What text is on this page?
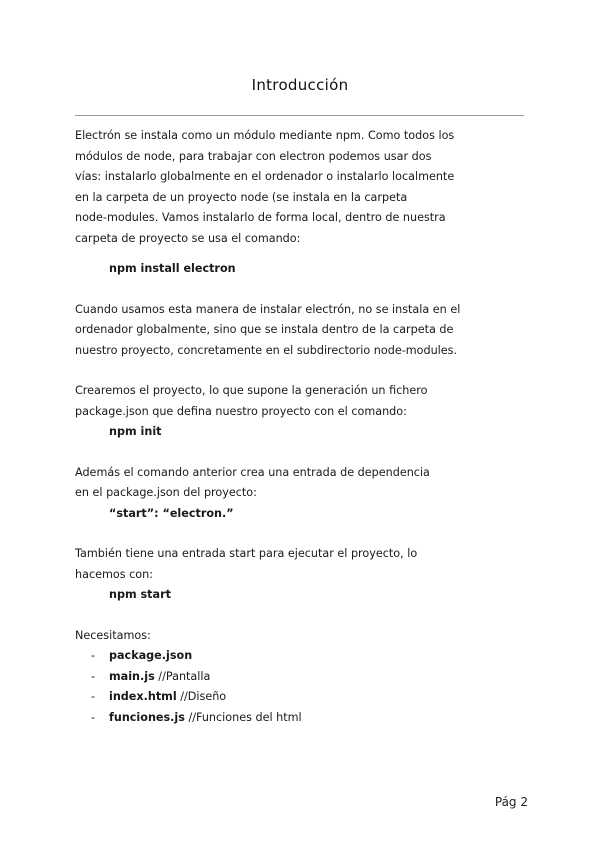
Introducción

Electrón se instala como un módulo mediante npm. Como todos los

módulos de node, para trabajar con electron podemos usar dos

vías: instalarlo globalmente en el ordenador o instalarlo localmente

en la carpeta de un proyecto node (se instala en la carpeta

node-modules. Vamos instalarlo de forma local, dentro de nuestra

carpeta de proyecto se usa el comando:

npm install electron

Cuando usamos esta manera de instalar electrón, no se instala en el

ordenador globalmente, sino que se instala dentro de la carpeta de

nuestro proyecto, concretamente en el subdirectorio node-modules.

Crearemos el proyecto, lo que supone la generación un fichero

package.json que defina nuestro proyecto con el comando:

npm init

Además el comando anterior crea una entrada de dependencia

en el package.json del proyecto:

“start”: “electron.”

También tiene una entrada start para ejecutar el proyecto, lo

hacemos con:

npm start

Necesitamos:

- package.json
- main.js //Pantalla
- index.html //Diseño
- funciones.js //Funciones del html
Pág 2
